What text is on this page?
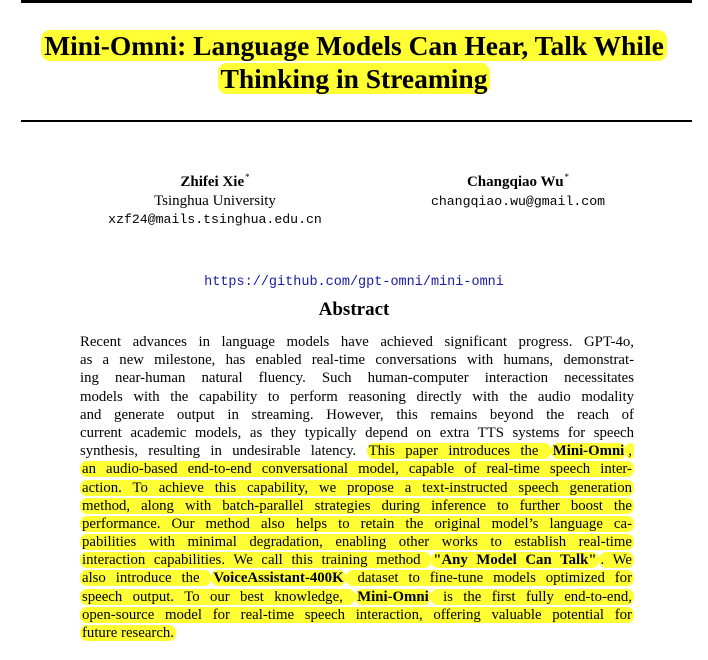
Mini-Omni: Language Models Can Hear, Talk While
Thinking in Streaming
Zhifei Xie*
Tsinghua University
xzf24@mails.tsinghua.edu.cn
Changqiao Wu*
changqiao.wu@gmail.com
https://github.com/gpt-omni/mini-omni
Abstract
Recent advances in language models have achieved significant progress. GPT-4o,
as a new milestone, has enabled real-time conversations with humans, demonstrat-
ing near-human natural fluency. Such human-computer interaction necessitates
models with the capability to perform reasoning directly with the audio modality
and generate output in streaming. However, this remains beyond the reach of
current academic models, as they typically depend on extra TTS systems for speech
synthesis, resulting in undesirable latency. This paper introduces the Mini-Omni ,
an audio-based end-to-end conversational model, capable of real-time speech inter-
action. To achieve this capability, we propose a text-instructed speech generation
method, along with batch-parallel strategies during inference to further boost the
performance. Our method also helps to retain the original model’s language ca-
pabilities with minimal degradation, enabling other works to establish real-time
interaction capabilities. We call this training method "Any Model Can Talk" . We
also introduce the VoiceAssistant-400K dataset to fine-tune models optimized for
speech output. To our best knowledge, Mini-Omni is the first fully end-to-end,
open-source model for real-time speech interaction, offering valuable potential for
future research.
